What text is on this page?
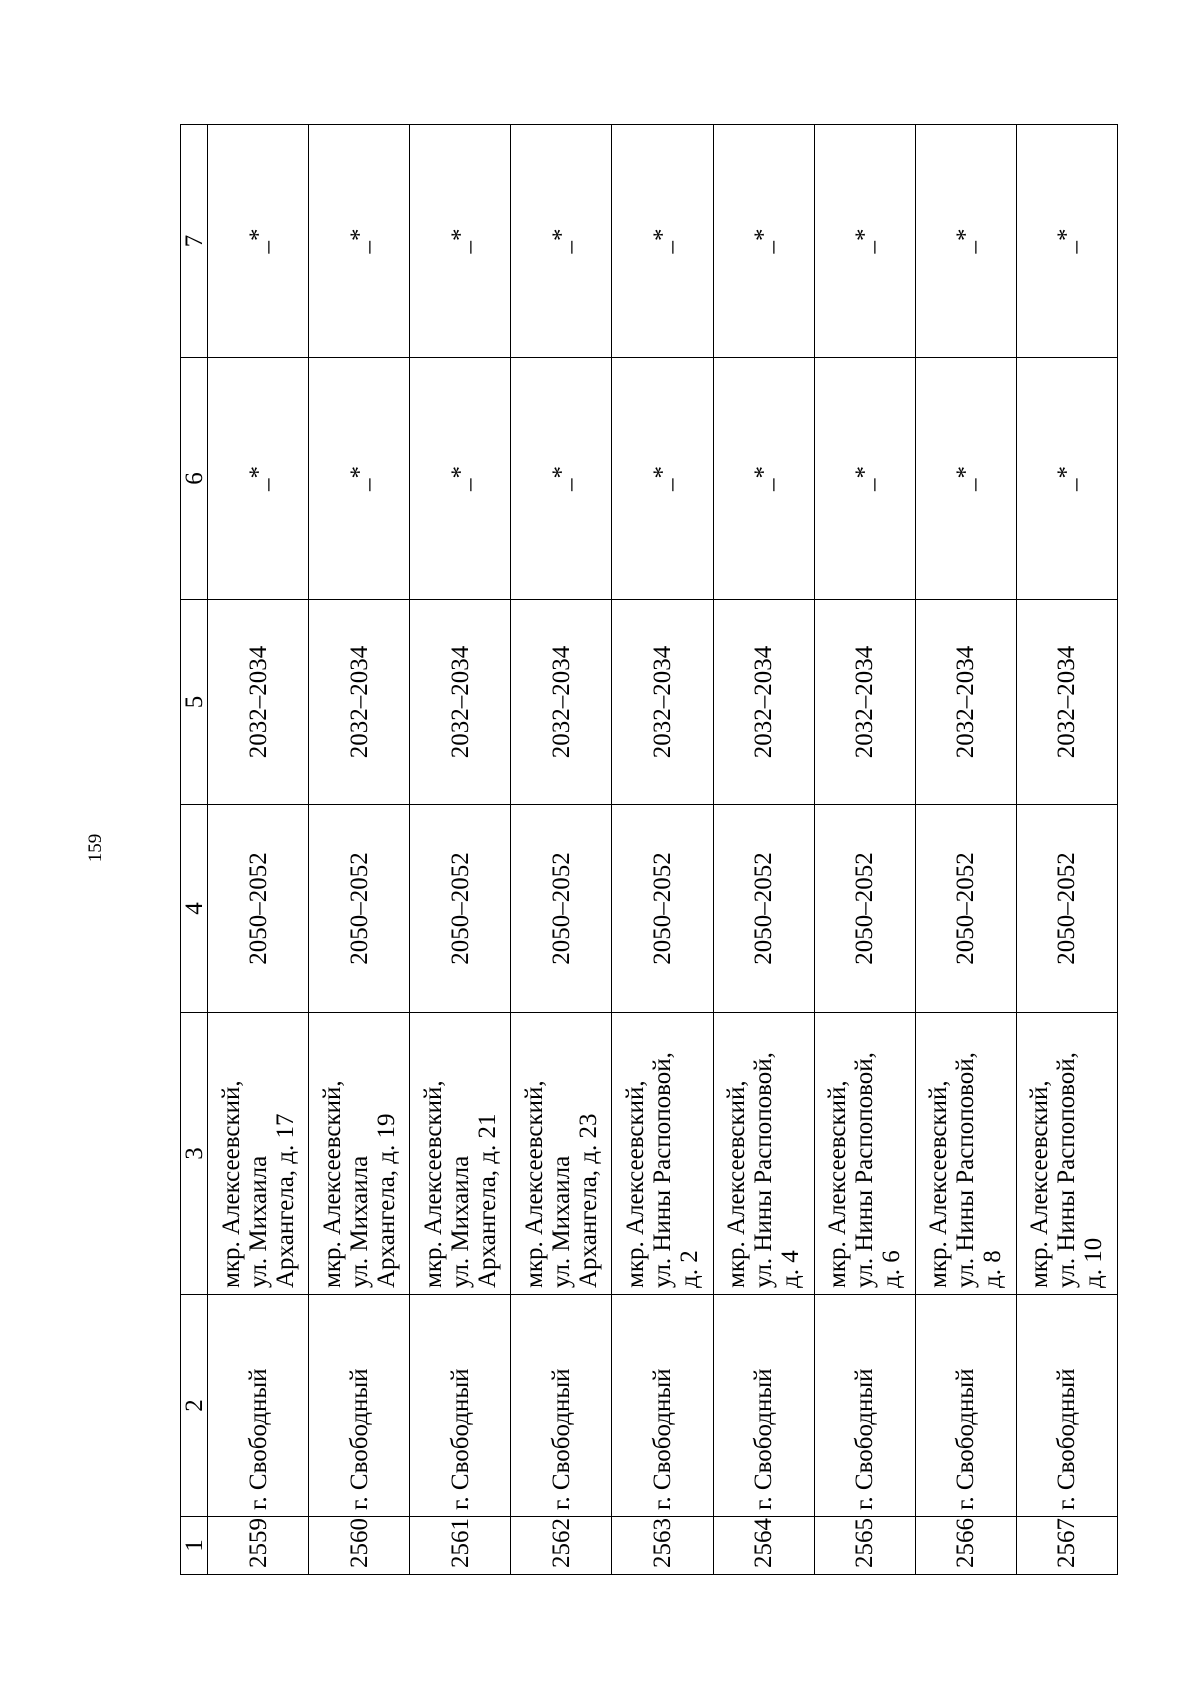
159
1	2	3	4	5	6	7
2559	г. Свободный	мкр. Алексеевский,
ул. Михаила
Архангела, д. 17	2050–2052	2032–2034	_*	_*
2560	г. Свободный	мкр. Алексеевский,
ул. Михаила
Архангела, д. 19	2050–2052	2032–2034	_*	_*
2561	г. Свободный	мкр. Алексеевский,
ул. Михаила
Архангела, д. 21	2050–2052	2032–2034	_*	_*
2562	г. Свободный	мкр. Алексеевский,
ул. Михаила
Архангела, д. 23	2050–2052	2032–2034	_*	_*
2563	г. Свободный	мкр. Алексеевский,
ул. Нины Распоповой,
д. 2	2050–2052	2032–2034	_*	_*
2564	г. Свободный	мкр. Алексеевский,
ул. Нины Распоповой,
д. 4	2050–2052	2032–2034	_*	_*
2565	г. Свободный	мкр. Алексеевский,
ул. Нины Распоповой,
д. 6	2050–2052	2032–2034	_*	_*
2566	г. Свободный	мкр. Алексеевский,
ул. Нины Распоповой,
д. 8	2050–2052	2032–2034	_*	_*
2567	г. Свободный	мкр. Алексеевский,
ул. Нины Распоповой,
д. 10	2050–2052	2032–2034	_*	_*
